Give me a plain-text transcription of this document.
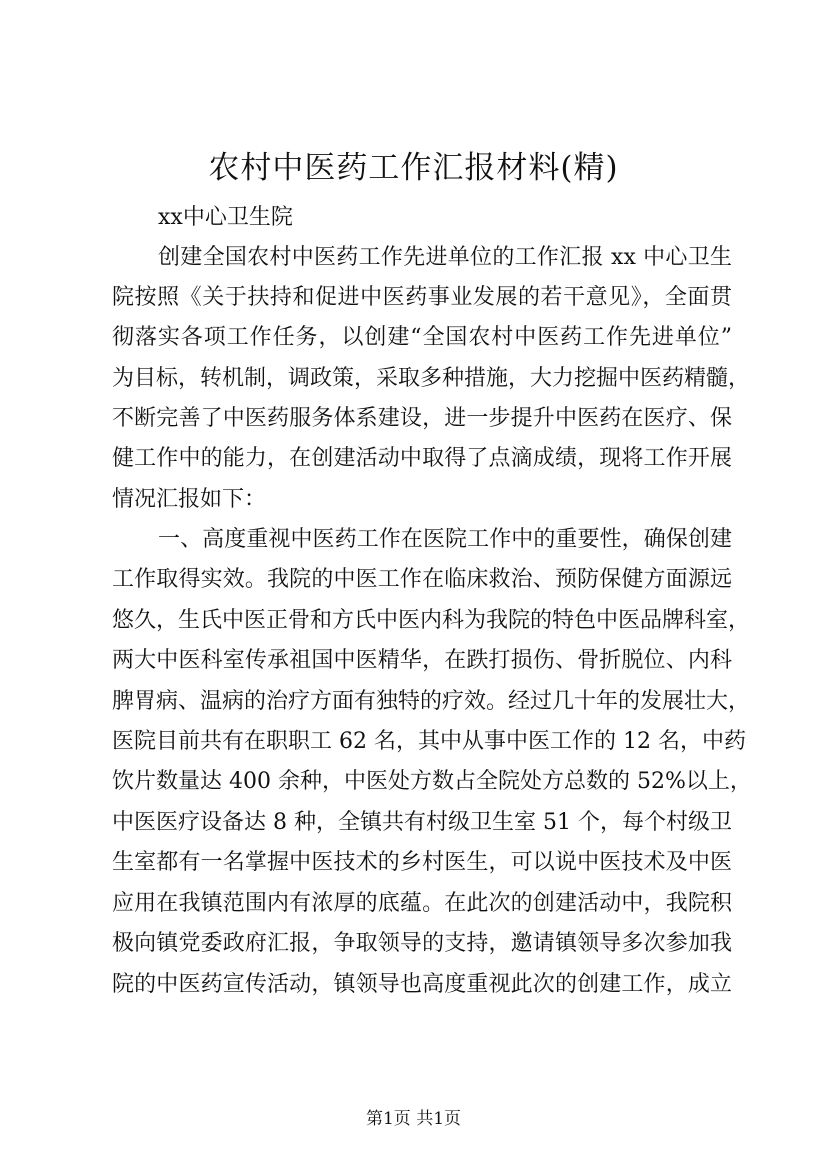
农村中医药工作汇报材料(精)

xx中心卫生院

创建全国农村中医药工作先进单位的工作汇报 xx 中心卫生

院按照《关于扶持和促进中医药事业发展的若干意见》，全面贯

彻落实各项工作任务，以创建“全国农村中医药工作先进单位”

为目标，转机制，调政策，采取多种措施，大力挖掘中医药精髓，

不断完善了中医药服务体系建设，进一步提升中医药在医疗、保

健工作中的能力，在创建活动中取得了点滴成绩，现将工作开展

情况汇报如下：

一、高度重视中医药工作在医院工作中的重要性，确保创建

工作取得实效。我院的中医工作在临床救治、预防保健方面源远

悠久，生氏中医正骨和方氏中医内科为我院的特色中医品牌科室，

两大中医科室传承祖国中医精华，在跌打损伤、骨折脱位、内科

脾胃病、温病的治疗方面有独特的疗效。经过几十年的发展壮大，

医院目前共有在职职工 62 名，其中从事中医工作的 12 名，中药

饮片数量达 400 余种，中医处方数占全院处方总数的 52%以上，

中医医疗设备达 8 种，全镇共有村级卫生室 51 个，每个村级卫

生室都有一名掌握中医技术的乡村医生，可以说中医技术及中医

应用在我镇范围内有浓厚的底蕴。在此次的创建活动中，我院积

极向镇党委政府汇报，争取领导的支持，邀请镇领导多次参加我

院的中医药宣传活动，镇领导也高度重视此次的创建工作，成立

第1页 共1页
